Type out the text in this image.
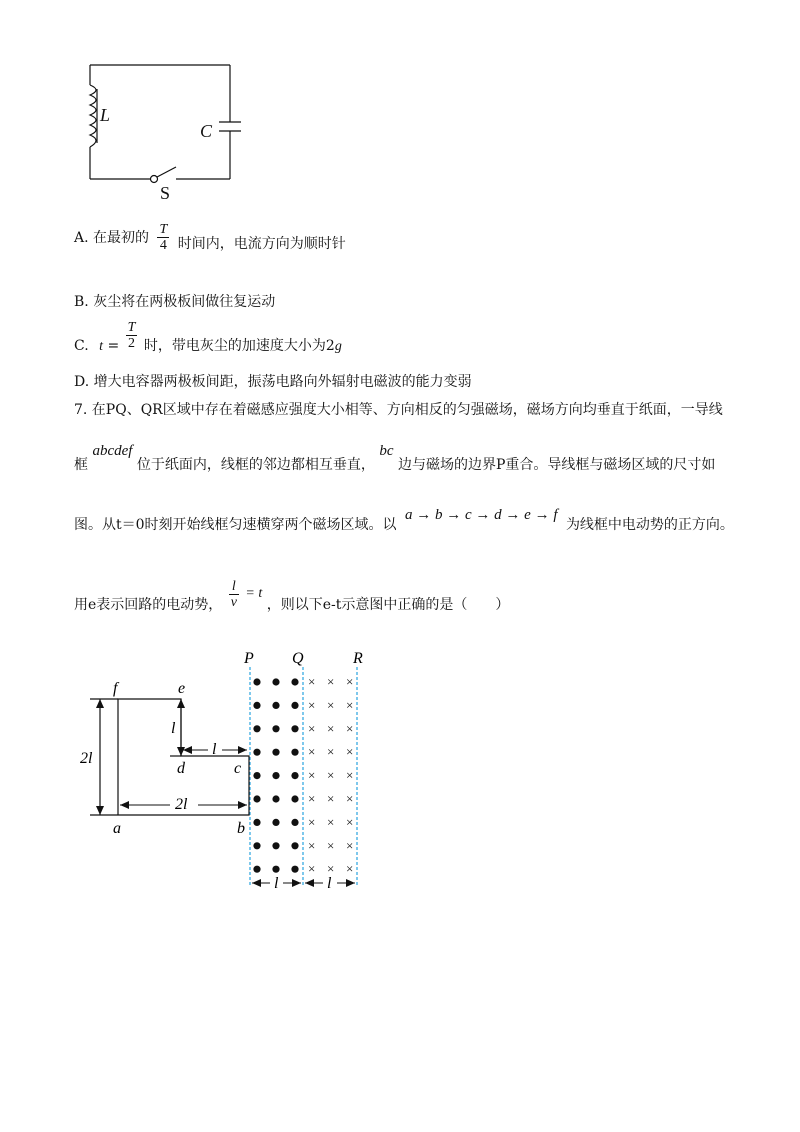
L
C
S
A. 在最初的 $\frac{T}{4}$ 时间内，电流方向为顺时针
B. 灰尘将在两极板间做往复运动
C. $t = \frac{T}{2}$ 时，带电灰尘的加速度大小为2g
D. 增大电容器两极板间距，振荡电路向外辐射电磁波的能力变弱
7. 在PQ、QR区域中存在着磁感应强度大小相等、方向相反的匀强磁场，磁场方向均垂直于纸面，一导线
框 abcdef 位于纸面内，线框的邻边都相互垂直， bc 边与磁场的边界P重合。导线框与磁场区域的尺寸如
图。从t＝0时刻开始线框匀速横穿两个磁场区域。以 a → b → c → d → e → f 为线框中电动势的正方向。
用e表示回路的电动势， $\frac{l}{v} = t$ ，则以下e-t示意图中正确的是（　　）
P Q	R
× × ×
× × ×
× × ×
× × ×
× × ×
× × ×
× × ×
× × ×
× × ×
f	e
d	c
a	b
2l
l
l
2l
l	l
